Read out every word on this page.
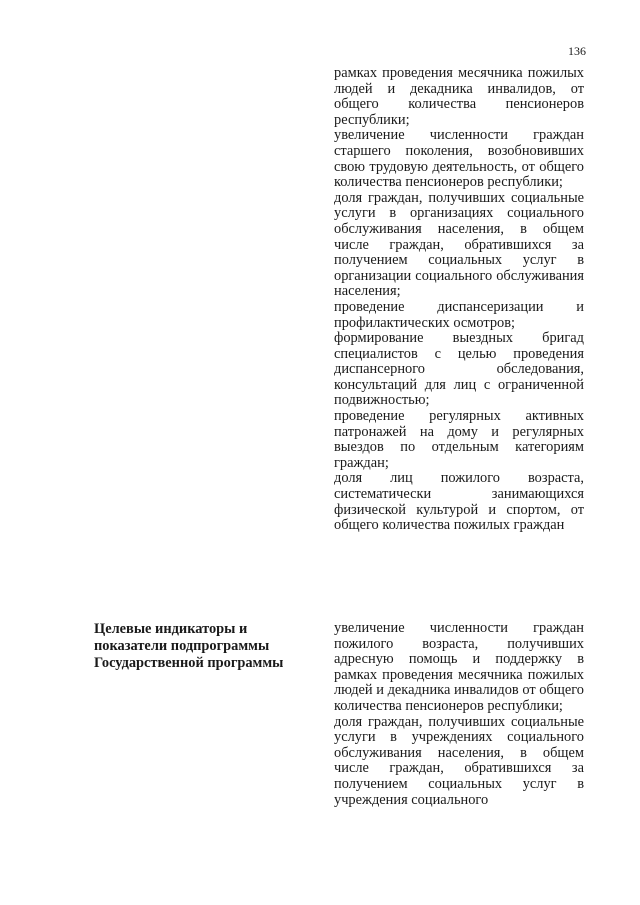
136

рамках проведения месячника пожилых людей и декадника инвалидов, от общего количества пенсионеров республики;

увеличение численности граждан старшего поколения, возобновивших свою трудовую деятельность, от общего количества пенсионеров республики;

доля граждан, получивших социальные услуги в организациях социального обслуживания населения, в общем числе граждан, обратившихся за получением социальных услуг в организации социального обслуживания населения;

проведение диспансеризации и профилактических осмотров;

формирование выездных бригад специалистов с целью проведения диспансерного обследования, консультаций для лиц с ограниченной подвижностью;

проведение регулярных активных патронажей на дому и регулярных выездов по отдельным категориям граждан;

доля лиц пожилого возраста, систематически занимающихся физической культурой и спортом, от общего количества пожилых граждан

Целевые индикаторы и
показатели подпрограммы
Государственной программы

увеличение численности граждан пожилого возраста, получивших адресную помощь и поддержку в рамках проведения месячника пожилых людей и декадника инвалидов от общего количества пенсионеров республики;

доля граждан, получивших социальные услуги в учреждениях социального обслуживания населения, в общем числе граждан, обратившихся за получением социальных услуг в учреждения социального
